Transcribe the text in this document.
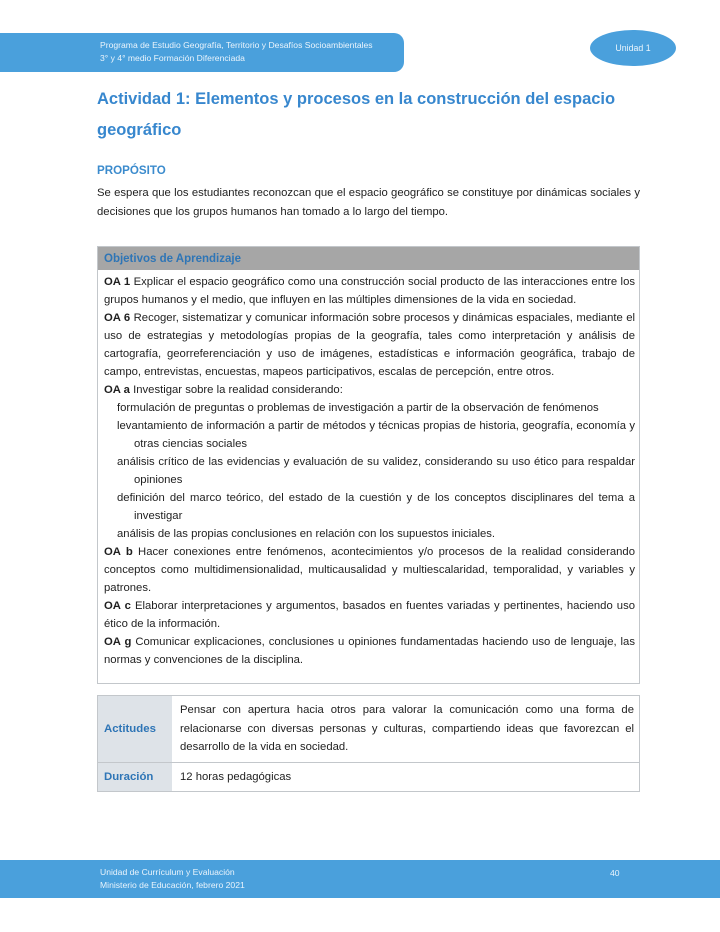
Programa de Estudio Geografía, Territorio y Desafíos Socioambientales
3° y 4° medio Formación Diferenciada
Unidad 1
Actividad 1: Elementos y procesos en la construcción del espacio geográfico
PROPÓSITO

Se espera que los estudiantes reconozcan que el espacio geográfico se constituye por dinámicas sociales y decisiones que los grupos humanos han tomado a lo largo del tiempo.

Objetivos de Aprendizaje

OA 1 Explicar el espacio geográfico como una construcción social producto de las interacciones entre los grupos humanos y el medio, que influyen en las múltiples dimensiones de la vida en sociedad.

OA 6 Recoger, sistematizar y comunicar información sobre procesos y dinámicas espaciales, mediante el uso de estrategias y metodologías propias de la geografía, tales como interpretación y análisis de cartografía, georreferenciación y uso de imágenes, estadísticas e información geográfica, trabajo de campo, entrevistas, encuestas, mapeos participativos, escalas de percepción, entre otros.

OA a Investigar sobre la realidad considerando:

formulación de preguntas o problemas de investigación a partir de la observación de fenómenos

levantamiento de información a partir de métodos y técnicas propias de historia, geografía, economía y otras ciencias sociales

análisis crítico de las evidencias y evaluación de su validez, considerando su uso ético para respaldar opiniones

definición del marco teórico, del estado de la cuestión y de los conceptos disciplinares del tema a investigar

análisis de las propias conclusiones en relación con los supuestos iniciales.

OA b Hacer conexiones entre fenómenos, acontecimientos y/o procesos de la realidad considerando conceptos como multidimensionalidad, multicausalidad y multiescalaridad, temporalidad, y variables y patrones.

OA c Elaborar interpretaciones y argumentos, basados en fuentes variadas y pertinentes, haciendo uso ético de la información.

OA g Comunicar explicaciones, conclusiones u opiniones fundamentadas haciendo uso de lenguaje, las normas y convenciones de la disciplina.

Actitudes
Pensar con apertura hacia otros para valorar la comunicación como una forma de relacionarse con diversas personas y culturas, compartiendo ideas que favorezcan el desarrollo de la vida en sociedad.
Duración	12 horas pedagógicas
Unidad de Currículum y Evaluación
Ministerio de Educación, febrero 2021
40
